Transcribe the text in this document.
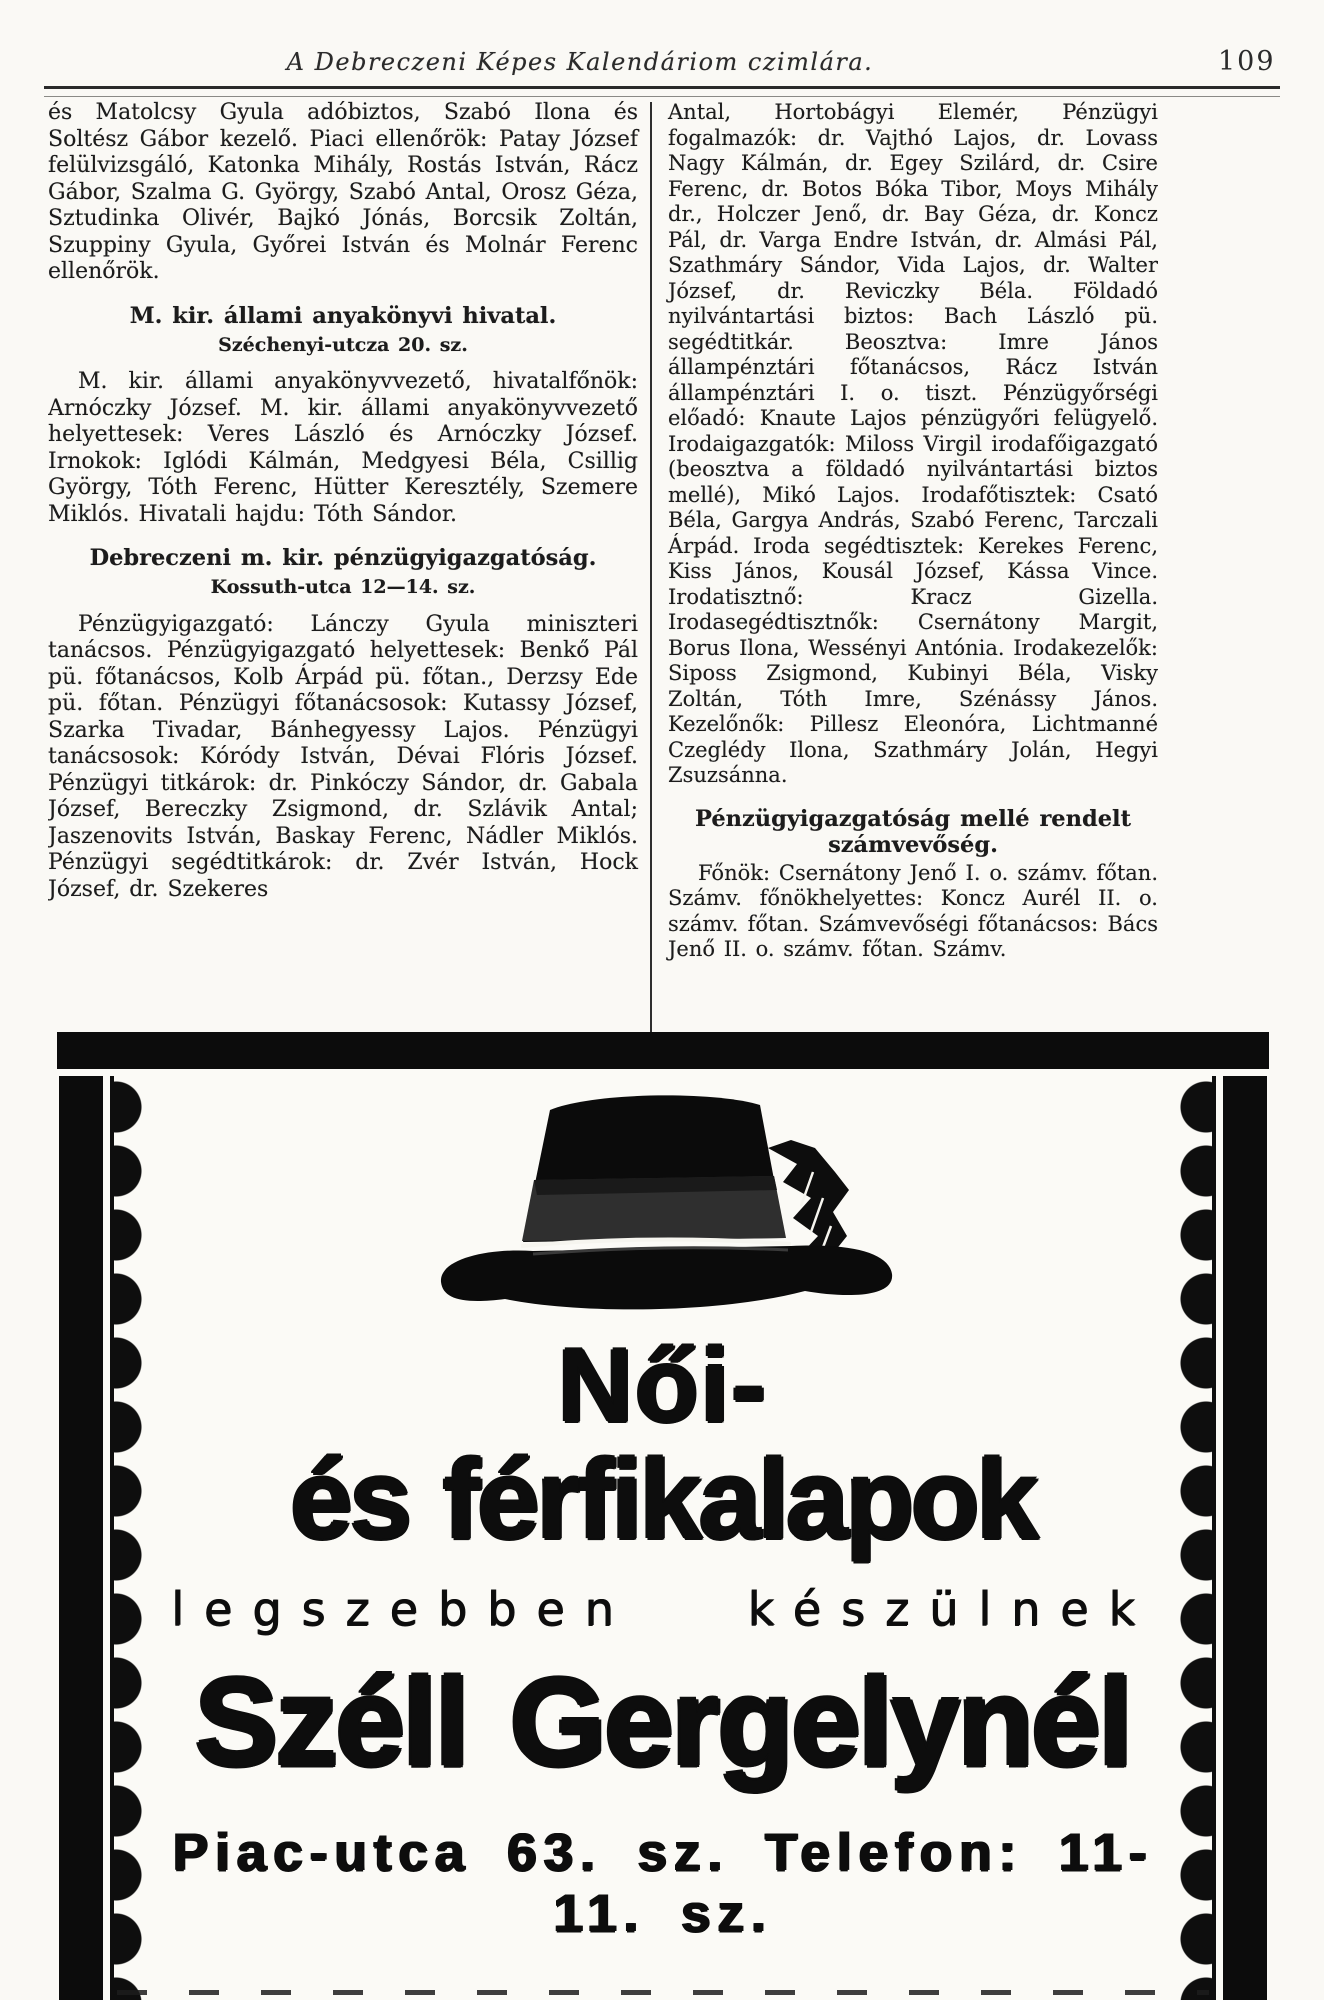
A Debreczeni Képes Kalendáriom czimlára.	109

és Matolcsy Gyula adóbiztos, Szabó Ilona és Soltész Gábor kezelő. Piaci ellenőrök: Patay József felülvizsgáló, Katonka Mihály, Rostás István, Rácz Gábor, Szalma G. György, Szabó Antal, Orosz Géza, Sztudinka Olivér, Bajkó Jónás, Borcsik Zoltán, Szuppiny Gyula, Győrei István és Molnár Ferenc ellenőrök.

M. kir. állami anyakönyvi hivatal.
Széchenyi-utcza 20. sz.

M. kir. állami anyakönyvvezető, hivatalfőnök: Arnóczky József. M. kir. állami anyakönyvvezető helyettesek: Veres László és Arnóczky József. Irnokok: Iglódi Kálmán, Medgyesi Béla, Csillig György, Tóth Ferenc, Hütter Keresztély, Szemere Miklós. Hivatali hajdu: Tóth Sándor.

Debreczeni m. kir. pénzügyigazgatóság.
Kossuth-utca 12—14. sz.

Pénzügyigazgató: Lánczy Gyula miniszteri tanácsos. Pénzügyigazgató helyettesek: Benkő Pál pü. főtanácsos, Kolb Árpád pü. főtan., Derzsy Ede pü. főtan. Pénzügyi főtanácsosok: Kutassy József, Szarka Tivadar, Bánhegyessy Lajos. Pénzügyi tanácsosok: Kóródy István, Dévai Flóris József. Pénzügyi titkárok: dr. Pinkóczy Sándor, dr. Gabala József, Bereczky Zsigmond, dr. Szlávik Antal; Jaszenovits István, Baskay Ferenc, Nádler Miklós. Pénzügyi segédtitkárok: dr. Zvér István, Hock József, dr. Szekeres

Antal, Hortobágyi Elemér, Pénzügyi fogalmazók: dr. Vajthó Lajos, dr. Lovass Nagy Kálmán, dr. Egey Szilárd, dr. Csire Ferenc, dr. Botos Bóka Tibor, Moys Mihály dr., Holczer Jenő, dr. Bay Géza, dr. Koncz Pál, dr. Varga Endre István, dr. Almási Pál, Szathmáry Sándor, Vida Lajos, dr. Walter József, dr. Reviczky Béla. Földadó nyilvántartási biztos: Bach László pü. segédtitkár. Beosztva: Imre János állampénztári főtanácsos, Rácz István állampénztári I. o. tiszt. Pénzügyőrségi előadó: Knaute Lajos pénzügyőri felügyelő. Irodaigazgatók: Miloss Virgil irodafőigazgató (beosztva a földadó nyilvántartási biztos mellé), Mikó Lajos. Irodafőtisztek: Csató Béla, Gargya András, Szabó Ferenc, Tarczali Árpád. Iroda segédtisztek: Kerekes Ferenc, Kiss János, Kousál József, Kássa Vince. Irodatisztnő: Kracz Gizella. Irodasegédtisztnők: Csernátony Margit, Borus Ilona, Wessényi Antónia. Irodakezelők: Siposs Zsigmond, Kubinyi Béla, Visky Zoltán, Tóth Imre, Szénássy János. Kezelőnők: Pillesz Eleonóra, Lichtmanné Czeglédy Ilona, Szathmáry Jolán, Hegyi Zsuzsánna.

Pénzügyigazgatóság mellé rendelt számvevőség.

Főnök: Csernátony Jenő I. o. számv. főtan. Számv. főnökhelyettes: Koncz Aurél II. o. számv. főtan. Számvevőségi főtanácsos: Bács Jenő II. o. számv. főtan. Számv.

Női-
és férfikalapok
legszebben készülnek
Széll Gergelynél
Piac-utca 63. sz. Telefon: 11-11. sz.
